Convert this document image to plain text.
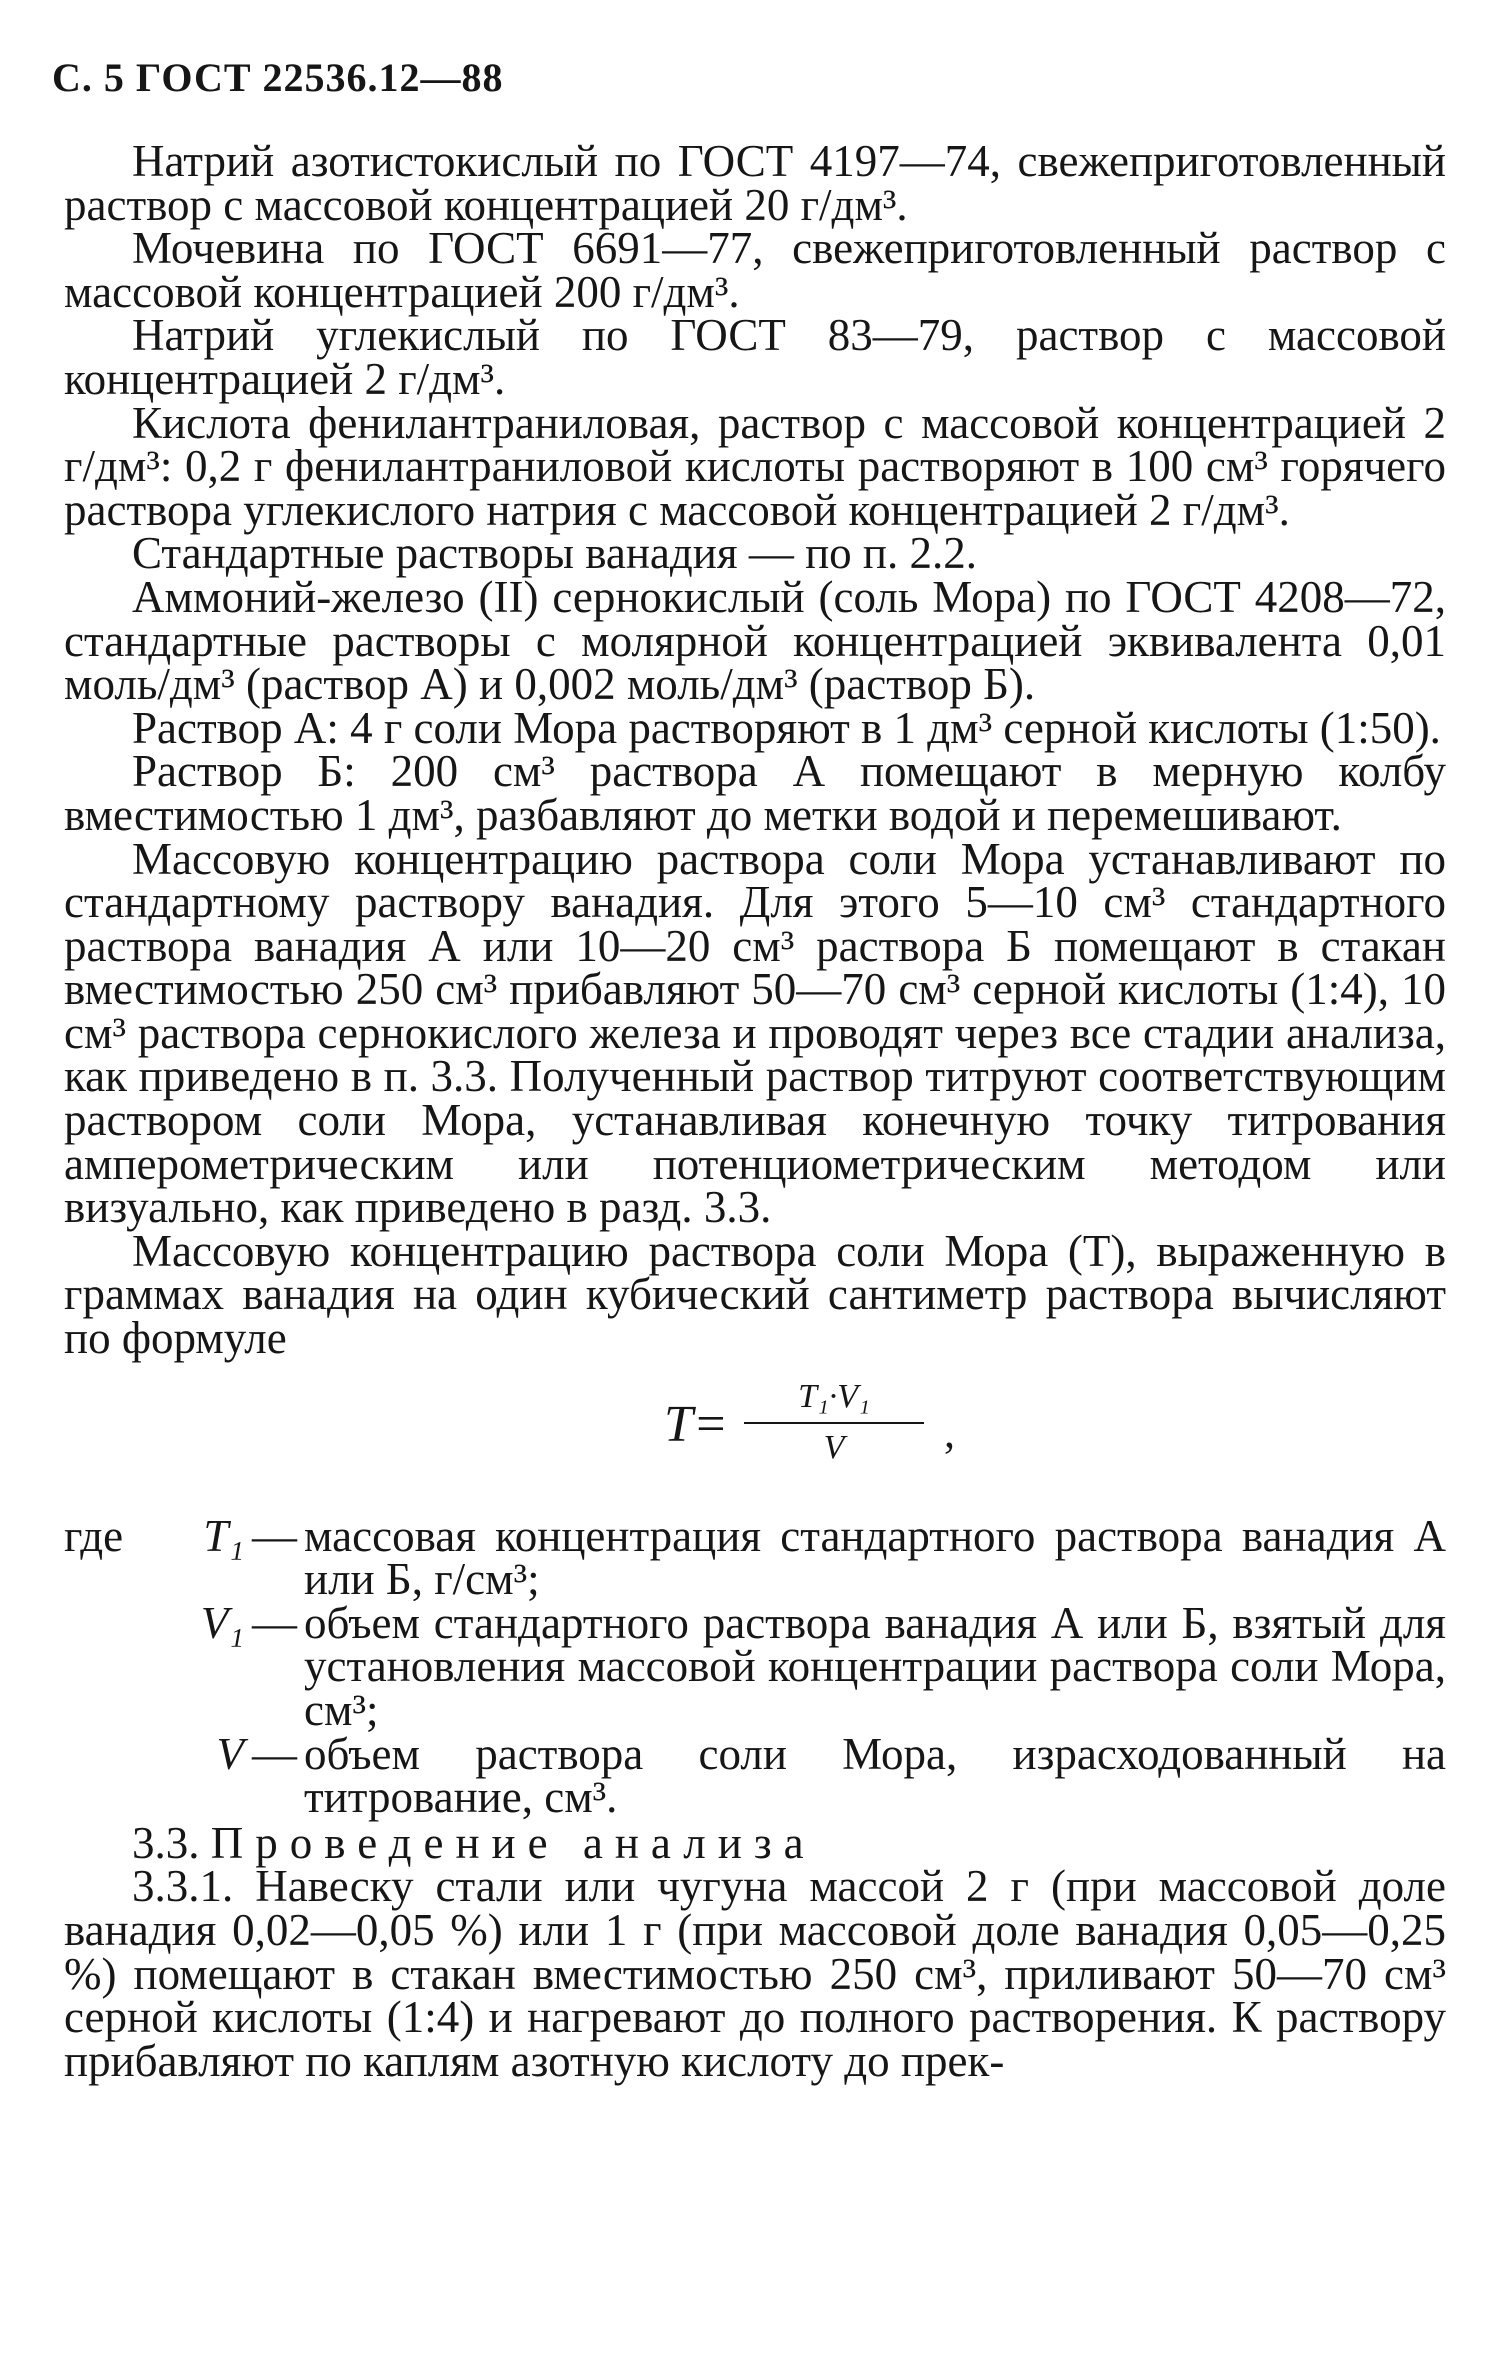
С. 5 ГОСТ 22536.12—88

Натрий азотистокислый по ГОСТ 4197—74, свежеприготовленный раствор с массовой концентрацией 20 г/дм³.

Мочевина по ГОСТ 6691—77, свежеприготовленный раствор с массовой концентрацией 200 г/дм³.

Натрий углекислый по ГОСТ 83—79, раствор с массовой концентрацией 2 г/дм³.

Кислота фенилантраниловая, раствор с массовой концентрацией 2 г/дм³: 0,2 г фенилантраниловой кислоты растворяют в 100 см³ горячего раствора углекислого натрия с массовой концентрацией 2 г/дм³.

Стандартные растворы ванадия — по п. 2.2.

Аммоний-железо (II) сернокислый (соль Мора) по ГОСТ 4208—72, стандартные растворы с молярной концентрацией эквивалента 0,01 моль/дм³ (раствор А) и 0,002 моль/дм³ (раствор Б).

Раствор А: 4 г соли Мора растворяют в 1 дм³ серной кислоты (1:50).

Раствор Б: 200 см³ раствора А помещают в мерную колбу вместимостью 1 дм³, разбавляют до метки водой и перемешивают.

Массовую концентрацию раствора соли Мора устанавливают по стандартному раствору ванадия. Для этого 5—10 см³ стандартного раствора ванадия А или 10—20 см³ раствора Б помещают в стакан вместимостью 250 см³ прибавляют 50—70 см³ серной кислоты (1:4), 10 см³ раствора сернокислого железа и проводят через все стадии анализа, как приведено в п. 3.3. Полученный раствор титруют соответствующим раствором соли Мора, устанавливая конечную точку титрования амперометрическим или потенциометрическим методом или визуально, как приведено в разд. 3.3.

Массовую концентрацию раствора соли Мора (T), выраженную в граммах ванадия на один кубический сантиметр раствора вычисляют по формуле

T=	T₁·V₁
V	,
где	T₁ — массовая концентрация стандартного раствора ванадия А или Б, г/см³;
V₁ — объем стандартного раствора ванадия А или Б, взятый для установления массовой концентрации раствора соли Мора, см³;
V — объем раствора соли Мора, израсходованный на титрование, см³.

3.3. Проведение анализа

3.3.1. Навеску стали или чугуна массой 2 г (при массовой доле ванадия 0,02—0,05 %) или 1 г (при массовой доле ванадия 0,05—0,25 %) помещают в стакан вместимостью 250 см³, приливают 50—70 см³ серной кислоты (1:4) и нагревают до полного растворения. К раствору прибавляют по каплям азотную кислоту до прек-
